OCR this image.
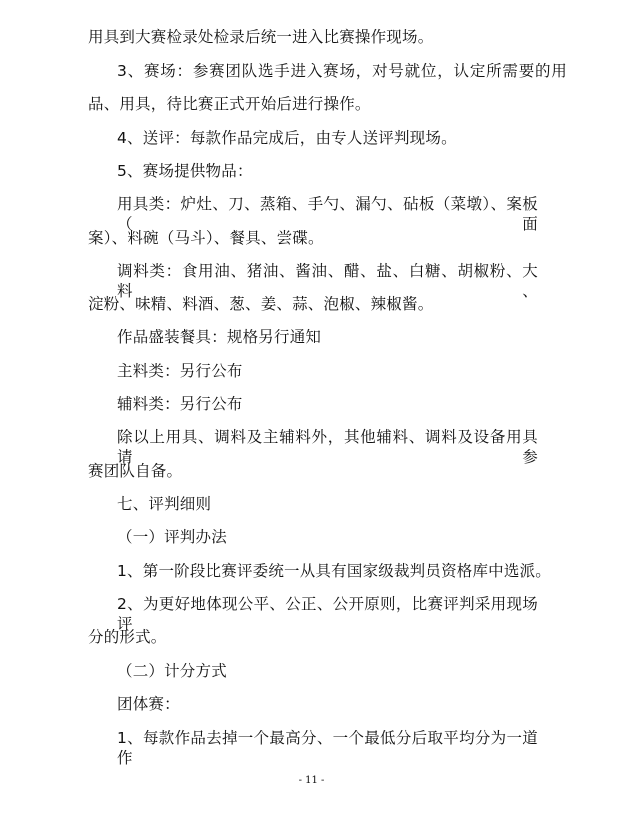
用具到大赛检录处检录后统一进入比赛操作现场。
3、赛场：参赛团队选手进入赛场，对号就位，认定所需要的用
品、用具，待比赛正式开始后进行操作。
4、送评：每款作品完成后，由专人送评判现场。
5、赛场提供物品：
用具类：炉灶、刀、蒸箱、手勺、漏勺、砧板（菜墩）、案板（面
案）、料碗（马斗）、餐具、尝碟。
调料类：食用油、猪油、酱油、醋、盐、白糖、胡椒粉、大料、
淀粉、味精、料酒、葱、姜、蒜、泡椒、辣椒酱。
作品盛装餐具：规格另行通知
主料类：另行公布
辅料类：另行公布
除以上用具、调料及主辅料外，其他辅料、调料及设备用具请参
赛团队自备。
七、评判细则
（一）评判办法
1、第一阶段比赛评委统一从具有国家级裁判员资格库中选派。
2、为更好地体现公平、公正、公开原则，比赛评判采用现场评
分的形式。
（二）计分方式
团体赛：
1、每款作品去掉一个最高分、一个最低分后取平均分为一道作
- 11 -
